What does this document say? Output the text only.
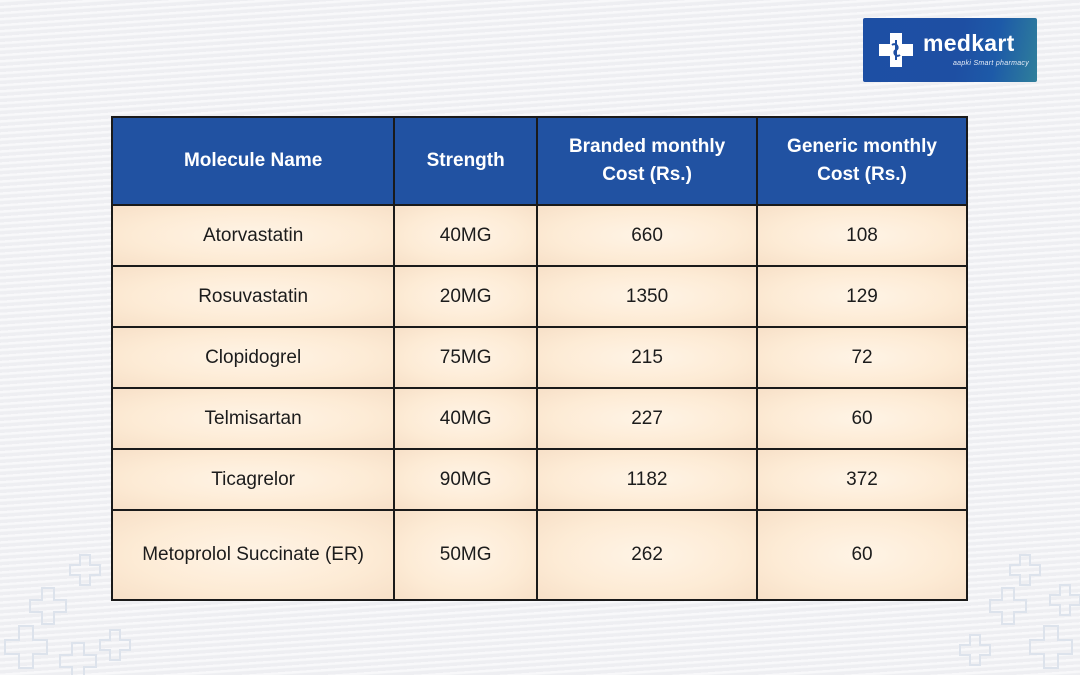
medkart
aapki Smart pharmacy
Molecule Name	Strength	Branded monthly Cost (Rs.)	Generic monthly Cost (Rs.)
Atorvastatin	40MG	660	108
Rosuvastatin	20MG	1350	129
Clopidogrel	75MG	215	72
Telmisartan	40MG	227	60
Ticagrelor	90MG	1182	372
Metoprolol Succinate (ER)	50MG	262	60
